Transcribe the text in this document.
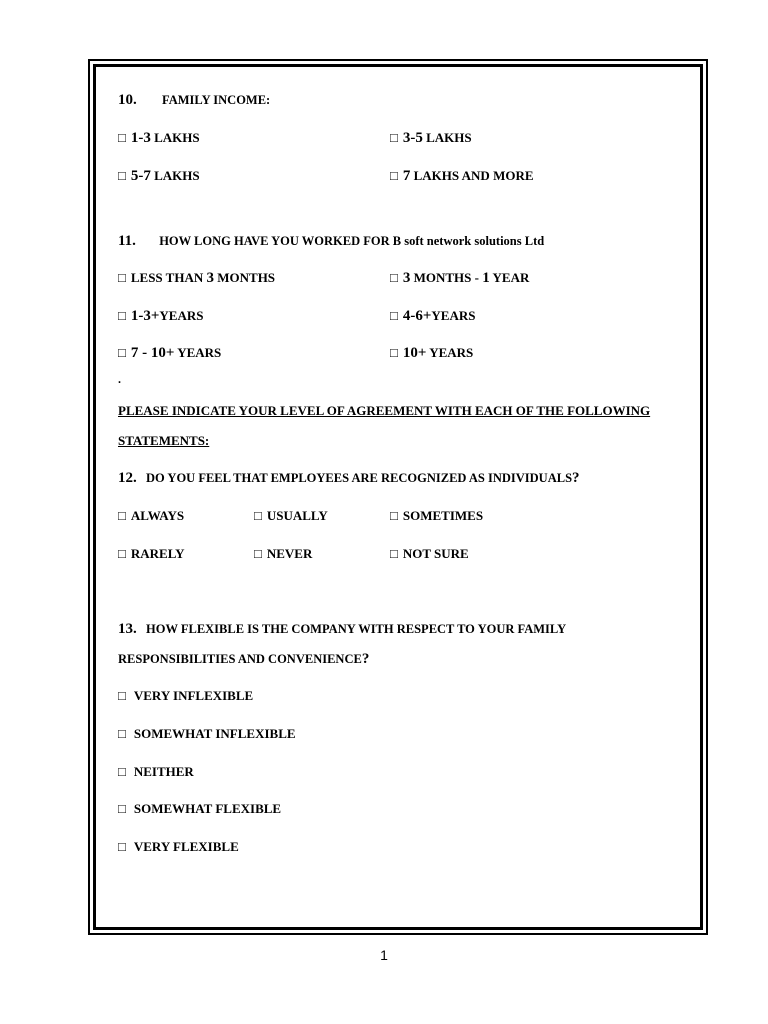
10. FAMILY INCOME:
□ 1-3 LAKHS	□ 3-5 LAKHS
□ 5-7 LAKHS	□ 7 LAKHS AND MORE
11. HOW LONG HAVE YOU WORKED FOR B soft network solutions Ltd
□ LESS THAN 3 MONTHS	□ 3 MONTHS - 1 YEAR
□ 1-3+YEARS	□ 4-6+YEARS
□ 7 - 10+ YEARS	□ 10+ YEARS
.
PLEASE INDICATE YOUR LEVEL OF AGREEMENT WITH EACH OF THE FOLLOWING
STATEMENTS:
12. DO YOU FEEL THAT EMPLOYEES ARE RECOGNIZED AS INDIVIDUALS?
□ ALWAYS	□ USUALLY	□ SOMETIMES
□ RARELY	□ NEVER	□ NOT SURE
13. HOW FLEXIBLE IS THE COMPANY WITH RESPECT TO YOUR FAMILY
RESPONSIBILITIES AND CONVENIENCE?
□ VERY INFLEXIBLE
□ SOMEWHAT INFLEXIBLE
□ NEITHER
□ SOMEWHAT FLEXIBLE
□ VERY FLEXIBLE
1
